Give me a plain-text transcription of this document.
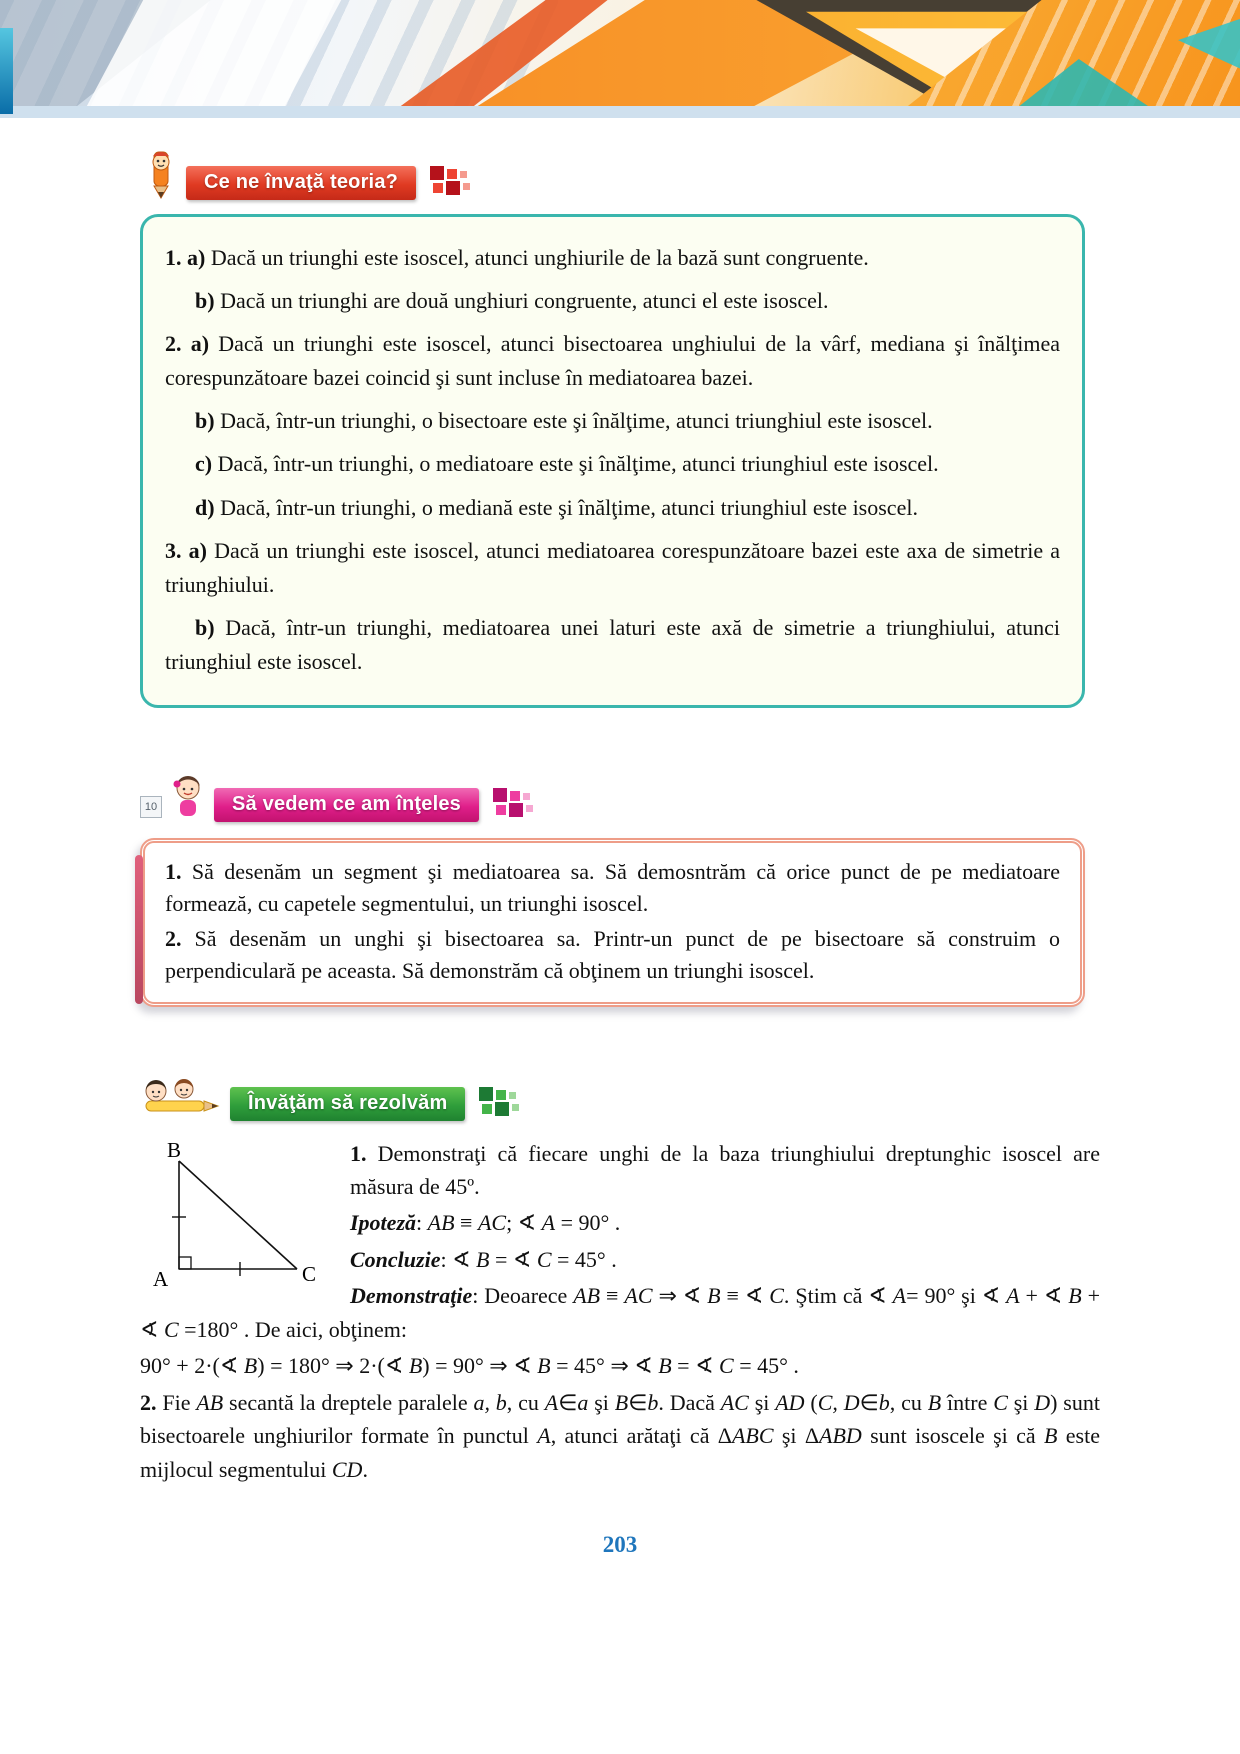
Ce ne învaţă teoria?

1. a) Dacă un triunghi este isoscel, atunci unghiurile de la bază sunt congruente.

b) Dacă un triunghi are două unghiuri congruente, atunci el este isoscel.

2. a) Dacă un triunghi este isoscel, atunci bisectoarea unghiului de la vârf, mediana şi înălţimea corespunzătoare bazei coincid şi sunt incluse în mediatoarea bazei.

b) Dacă, într-un triunghi, o bisectoare este şi înălţime, atunci triunghiul este isoscel.

c) Dacă, într-un triunghi, o mediatoare este şi înălţime, atunci triunghiul este isoscel.

d) Dacă, într-un triunghi, o mediană este şi înălţime, atunci triunghiul este isoscel.

3. a) Dacă un triunghi este isoscel, atunci mediatoarea corespunzătoare bazei este axa de simetrie a triunghiului.

b) Dacă, într-un triunghi, mediatoarea unei laturi este axă de simetrie a triunghiului, atunci triunghiul este isoscel.

10	Să vedem ce am înţeles

1. Să desenăm un segment şi mediatoarea sa. Să demosntrăm că orice punct de pe mediatoare formează, cu capetele segmentului, un triunghi isoscel.

2. Să desenăm un unghi şi bisectoarea sa. Printr-un punct de pe bisectoare să construim o perpendiculară pe aceasta. Să demonstrăm că obţinem un triunghi isoscel.

Învăţăm să rezolvăm
B
A	C

1. Demonstraţi că fiecare unghi de la baza triunghiului dreptunghic isoscel are măsura de 45º.

Ipoteză: AB ≡ AC; ∢ A = 90° .

Concluzie: ∢ B = ∢ C = 45° .

Demonstraţie: Deoarece AB ≡ AC ⇒ ∢ B ≡ ∢ C. Ştim că ∢ A= 90° şi ∢ A + ∢ B + ∢ C =180° . De aici, obţinem:

90° + 2·(∢ B) = 180° ⇒ 2·(∢ B) = 90° ⇒ ∢ B = 45° ⇒ ∢ B = ∢ C = 45° .

2. Fie AB secantă la dreptele paralele a, b, cu A∈a şi B∈b. Dacă AC şi AD (C, D∈b, cu B între C şi D) sunt bisectoarele unghiurilor formate în punctul A, atunci arătaţi că ΔABC şi ΔABD sunt isoscele şi că B este mijlocul segmentului CD.

203
